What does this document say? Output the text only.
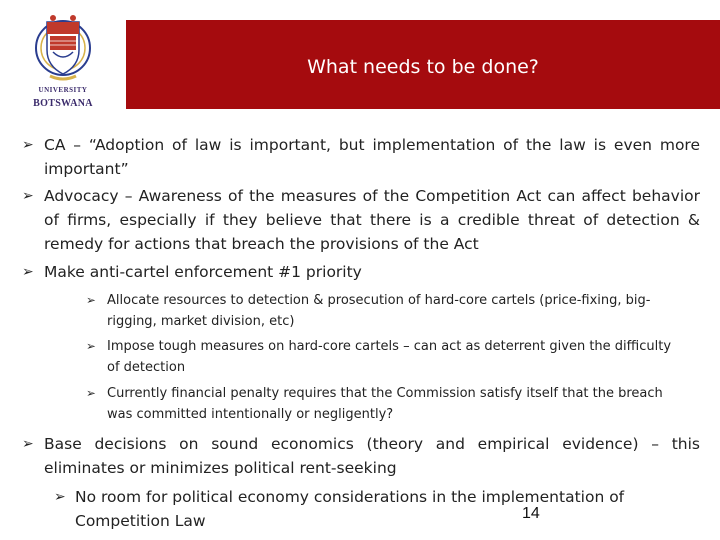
UNIVERSITY
BOTSWANA
What needs to be done?
➢ CA – “Adoption of law is important, but implementation of the law is even more important”
➢ Advocacy – Awareness of the measures of the Competition Act can affect behavior of firms, especially if they believe that there is a credible threat of detection & remedy for actions that breach the provisions of the Act
➢ Make anti-cartel enforcement #1 priority
➢ Allocate resources to detection & prosecution of hard-core cartels (price-fixing, big-rigging, market division, etc)
➢ Impose tough measures on hard-core cartels – can act as deterrent given the difficulty of detection
➢ Currently financial penalty requires that the Commission satisfy itself that the breach was committed intentionally or negligently?
➢ Base decisions on sound economics (theory and empirical evidence) – this eliminates or minimizes political rent-seeking
➢ No room for political economy considerations in the implementation of Competition Law	14
